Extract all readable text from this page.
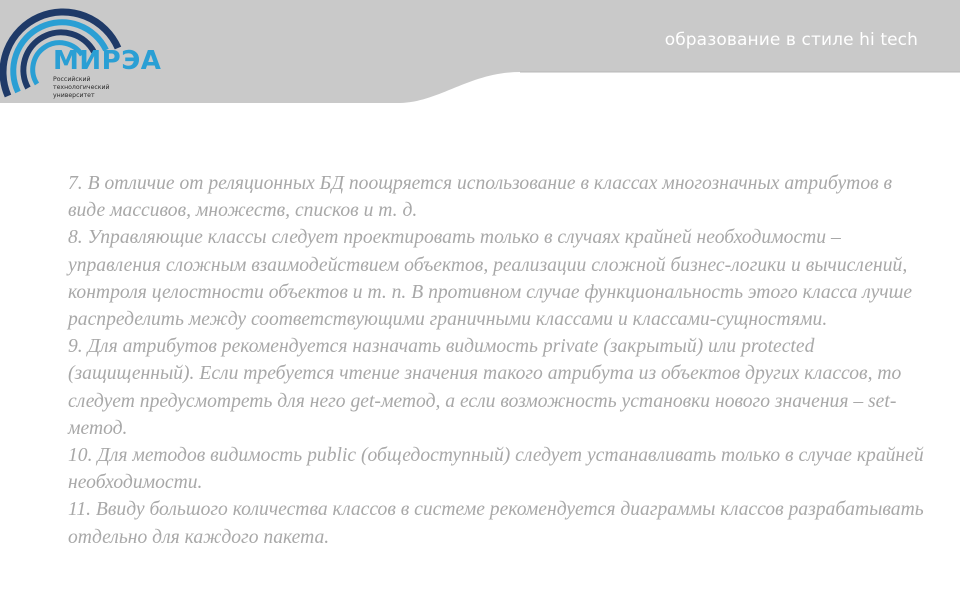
образование в стиле hi tech
МИРЭА
Российский
технологический
университет

7. В отличие от реляционных БД поощряется использование в классах многозначных атрибутов в виде массивов, множеств, списков и т. д.

8. Управляющие классы следует проектировать только в случаях крайней необходимости – управления сложным взаимодействием объектов, реализации сложной бизнес-логики и вычислений, контроля целостности объектов и т. п. В противном случае функциональность этого класса лучше распределить между соответствующими граничными классами и классами-сущностями.

9. Для атрибутов рекомендуется назначать видимость private (закрытый) или protected (защищенный). Если требуется чтение значения такого атрибута из объектов других классов, то следует предусмотреть для него get-метод, а если возможность установки нового значения – set-метод.

10. Для методов видимость public (общедоступный) следует устанавливать только в случае крайней необходимости.

11. Ввиду большого количества классов в системе рекомендуется диаграммы классов разрабатывать отдельно для каждого пакета.
